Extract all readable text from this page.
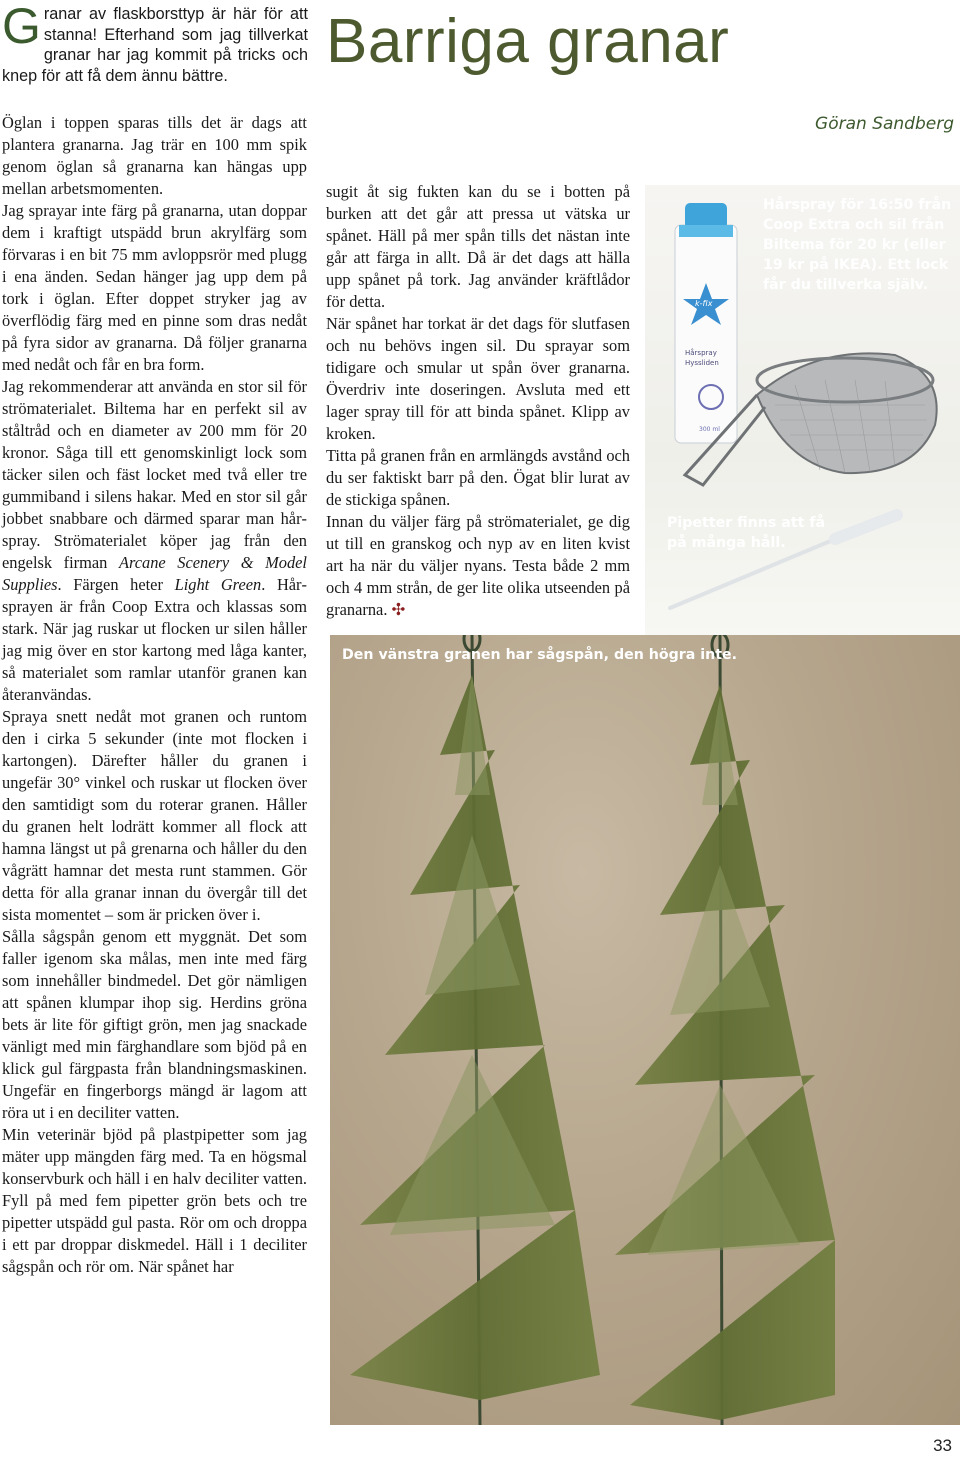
Granar av flaskborsttyp är här för att stanna! Efterhand som jag tillverkat granar har jag kommit på tricks och knep för att få dem ännu bättre.	Barriga granar
Göran Sandberg

Öglan i toppen sparas tills det är dags att plantera granarna. Jag trär en 100 mm spik genom öglan så granarna kan hängas upp mellan arbetsmomenten.

Jag sprayar inte färg på granarna, utan doppar dem i kraftigt utspädd brun akrylfärg som förvaras i en bit 75 mm avloppsrör med plugg i ena änden. Sedan hänger jag upp dem på tork i öglan. Efter doppet stryker jag av överflödig färg med en pinne som dras nedåt på fyra sidor av granarna. Då följer granarna med nedåt och får en bra form.

Jag rekommenderar att använda en stor sil för strömaterialet. Biltema har en perfekt sil av ståltråd och en diameter av 200 mm för 20 kronor. Såga till ett genomskinligt lock som täcker silen och fäst locket med två eller tre gummiband i silens hakar. Med en stor sil går jobbet snabbare och därmed sparar man hårspray. Strömaterialet köper jag från den engelsk firman Arcane Scenery & Model Supplies. Färgen heter Light Green. Hårsprayen är från Coop Extra och klassas som stark. När jag ruskar ut flocken ur silen håller jag mig över en stor kartong med låga kanter, så materialet som ramlar utanför granen kan återanvändas.

Spraya snett nedåt mot granen och runtom den i cirka 5 sekunder (inte mot flocken i kartongen). Därefter håller du granen i ungefär 30° vinkel och ruskar ut flocken över den samtidigt som du roterar granen. Håller du granen helt lodrätt kommer all flock att hamna längst ut på grenarna och håller du den vågrätt hamnar det mesta runt stammen. Gör detta för alla granar innan du övergår till det sista momentet – som är pricken över i.

Sålla sågspån genom ett myggnät. Det som faller igenom ska målas, men inte med färg som innehåller bindmedel. Det gör nämligen att spånen klumpar ihop sig. Herdins gröna bets är lite för giftigt grön, men jag snackade vänligt med min färghandlare som bjöd på en klick gul färgpasta från blandningsmaskinen. Ungefär en fingerborgs mängd är lagom att röra ut i en deciliter vatten.

Min veterinär bjöd på plastpipetter som jag mäter upp mängden färg med. Ta en högsmal konservburk och häll i en halv deciliter vatten. Fyll på med fem pipetter grön bets och tre pipetter utspädd gul pasta. Rör om och droppa i ett par droppar diskmedel. Häll i 1 deciliter sågspån och rör om. När spånet har

sugit åt sig fukten kan du se i botten på burken att det går att pressa ut vätska ur spånet. Häll på mer spån tills det nästan inte går att färga in allt. Då är det dags att hälla upp spånet på tork. Jag använder kräftlådor för detta.

När spånet har torkat är det dags för slutfasen och nu behövs ingen sil. Du sprayar som tidigare och smular ut spån över granarna. Överdriv inte doseringen. Avsluta med ett lager spray till för att binda spånet. Klipp av kroken.

Titta på granen från en armlängds avstånd och du ser faktiskt barr på den. Ögat blir lurat av de stickiga spånen.

Innan du väljer färg på strömaterialet, ge dig ut till en granskog och nyp av en liten kvist art ha när du väljer nyans. Testa både 2 mm och 4 mm strån, de ger lite olika utseenden på granarna. ✣

k-fix
Hårspray
Hyssliden
300 ml
Hårspray för 16:50 från Coop Extra och sil från Biltema för 20 kr (eller 19 kr på IKEA). Ett lock får du tillverka själv.
Pipetter finns att få på många håll.
Den vänstra granen har sågspån, den högra inte.
33
